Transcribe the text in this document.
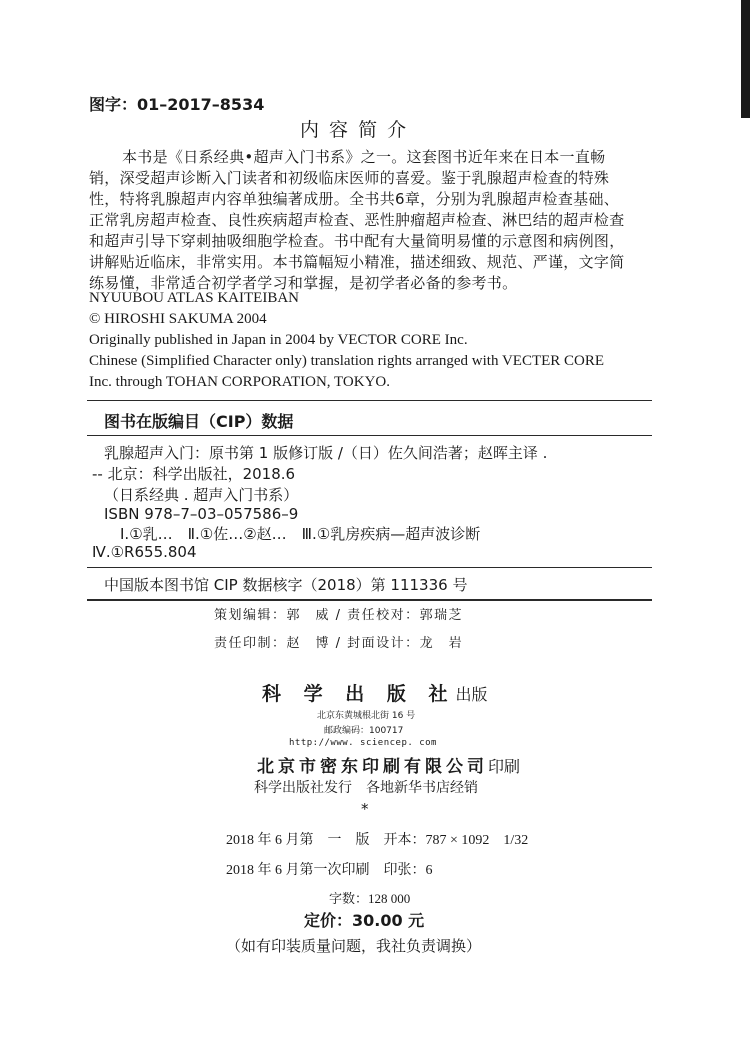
图字：01–2017–8534
内 容 简 介
本书是《日系经典•超声入门书系》之一。这套图书近年来在日本一直畅
销，深受超声诊断入门读者和初级临床医师的喜爱。鉴于乳腺超声检查的特殊
性，特将乳腺超声内容单独编著成册。全书共6章，分别为乳腺超声检查基础、
正常乳房超声检查、良性疾病超声检查、恶性肿瘤超声检查、淋巴结的超声检查
和超声引导下穿刺抽吸细胞学检查。书中配有大量简明易懂的示意图和病例图，
讲解贴近临床，非常实用。本书篇幅短小精准，描述细致、规范、严谨，文字简
练易懂，非常适合初学者学习和掌握，是初学者必备的参考书。
NYUUBOU ATLAS KAITEIBAN
© HIROSHI SAKUMA 2004
Originally published in Japan in 2004 by VECTOR CORE Inc.
Chinese (Simplified Character only) translation rights arranged with VECTER CORE
Inc. through TOHAN CORPORATION, TOKYO.
图书在版编目（CIP）数据
乳腺超声入门：原书第 1 版修订版 /（日）佐久间浩著；赵晖主译 .
-- 北京：科学出版社，2018.6
（日系经典 . 超声入门书系）
ISBN 978–7–03–057586–9
Ⅰ.①乳…　Ⅱ.①佐…②赵…　Ⅲ.①乳房疾病—超声波诊断
Ⅳ.①R655.804
中国版本图书馆 CIP 数据核字（2018）第 111336 号
策划编辑：郭　威 / 责任校对：郭瑞芝
责任印制：赵　博 / 封面设计：龙　岩
科 学 出 版 社出版
北京东黄城根北街 16 号
邮政编码：100717
http://www. sciencep. com
北京市密东印刷有限公司印刷
科学出版社发行　各地新华书店经销
*
2018 年 6 月第　一　版　开本：787 × 1092　1/32
2018 年 6 月第一次印刷　印张：6
字数：128 000
定价：30.00 元
（如有印装质量问题，我社负责调换）
